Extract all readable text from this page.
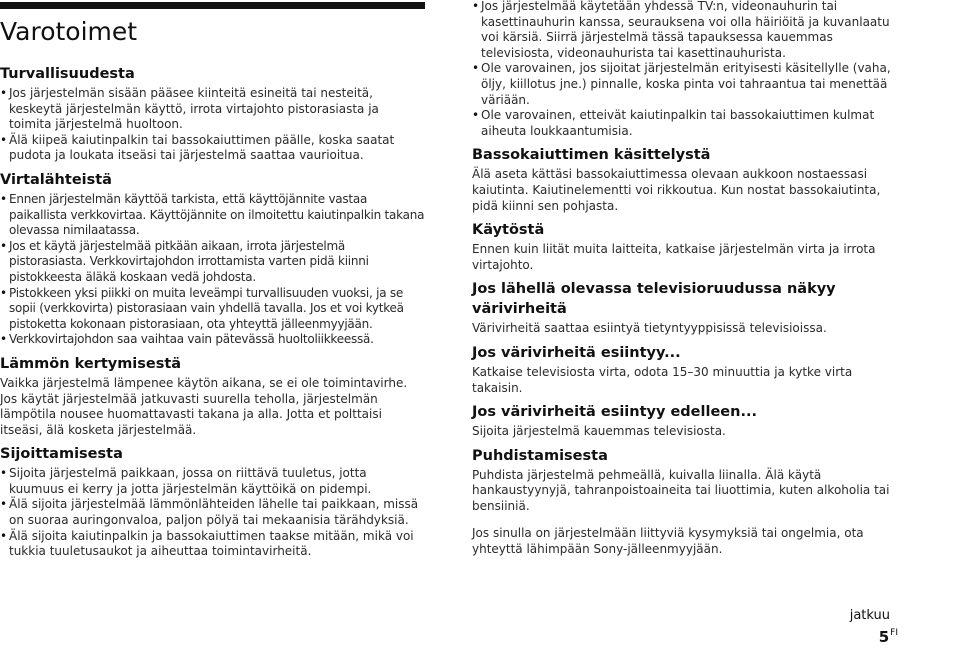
Varotoimet
Turvallisuudesta
• Jos järjestelmän sisään pääsee kiinteitä esineitä tai nesteitä, keskeytä järjestelmän käyttö, irrota virtajohto pistorasiasta ja toimita järjestelmä huoltoon.
• Älä kiipeä kaiutinpalkin tai bassokaiuttimen päälle, koska saatat pudota ja loukata itseäsi tai järjestelmä saattaa vaurioitua.
Virtalähteistä
• Ennen järjestelmän käyttöä tarkista, että käyttöjännite vastaa paikallista verkkovirtaa. Käyttöjännite on ilmoitettu kaiutinpalkin takana olevassa nimilaatassa.
• Jos et käytä järjestelmää pitkään aikaan, irrota järjestelmä pistorasiasta. Verkkovirtajohdon irrottamista varten pidä kiinni pistokkeesta äläkä koskaan vedä johdosta.
• Pistokkeen yksi piikki on muita leveämpi turvallisuuden vuoksi, ja se sopii (verkkovirta) pistorasiaan vain yhdellä tavalla. Jos et voi kytkeä pistoketta kokonaan pistorasiaan, ota yhteyttä jälleenmyyjään.
• Verkkovirtajohdon saa vaihtaa vain pätevässä huoltoliikkeessä.
Lämmön kertymisestä

Vaikka järjestelmä lämpenee käytön aikana, se ei ole toimintavirhe. Jos käytät järjestelmää jatkuvasti suurella teholla, järjestelmän lämpötila nousee huomattavasti takana ja alla. Jotta et polttaisi itseäsi, älä kosketa järjestelmää.

Sijoittamisesta
• Sijoita järjestelmä paikkaan, jossa on riittävä tuuletus, jotta kuumuus ei kerry ja jotta järjestelmän käyttöikä on pidempi.
• Älä sijoita järjestelmää lämmönlähteiden lähelle tai paikkaan, missä on suoraa auringonvaloa, paljon pölyä tai mekaanisia tärähdyksiä.
• Älä sijoita kaiutinpalkin ja bassokaiuttimen taakse mitään, mikä voi tukkia tuuletusaukot ja aiheuttaa toimintavirheitä.
• Jos järjestelmää käytetään yhdessä TV:n, videonauhurin tai kasettinauhurin kanssa, seurauksena voi olla häiriöitä ja kuvanlaatu voi kärsiä. Siirrä järjestelmä tässä tapauksessa kauemmas televisiosta, videonauhurista tai kasettinauhurista.
• Ole varovainen, jos sijoitat järjestelmän erityisesti käsitellylle (vaha, öljy, kiillotus jne.) pinnalle, koska pinta voi tahraantua tai menettää väriään.
• Ole varovainen, etteivät kaiutinpalkin tai bassokaiuttimen kulmat aiheuta loukkaantumisia.
Bassokaiuttimen käsittelystä

Älä aseta kättäsi bassokaiuttimessa olevaan aukkoon nostaessasi kaiutinta. Kaiutinelementti voi rikkoutua. Kun nostat bassokaiutinta, pidä kiinni sen pohjasta.

Käytöstä

Ennen kuin liität muita laitteita, katkaise järjestelmän virta ja irrota virtajohto.

Jos lähellä olevassa televisioruudussa näkyy värivirheitä

Värivirheitä saattaa esiintyä tietyntyyppisissä televisioissa.

Jos värivirheitä esiintyy...

Katkaise televisiosta virta, odota 15–30 minuuttia ja kytke virta takaisin.

Jos värivirheitä esiintyy edelleen...

Sijoita järjestelmä kauemmas televisiosta.

Puhdistamisesta

Puhdista järjestelmä pehmeällä, kuivalla liinalla. Älä käytä hankaustyynyjä, tahranpoistoaineita tai liuottimia, kuten alkoholia tai bensiiniä.

Jos sinulla on järjestelmään liittyviä kysymyksiä tai ongelmia, ota yhteyttä lähimpään Sony-jälleenmyyjään.

jatkuu
$5^{FI}$
